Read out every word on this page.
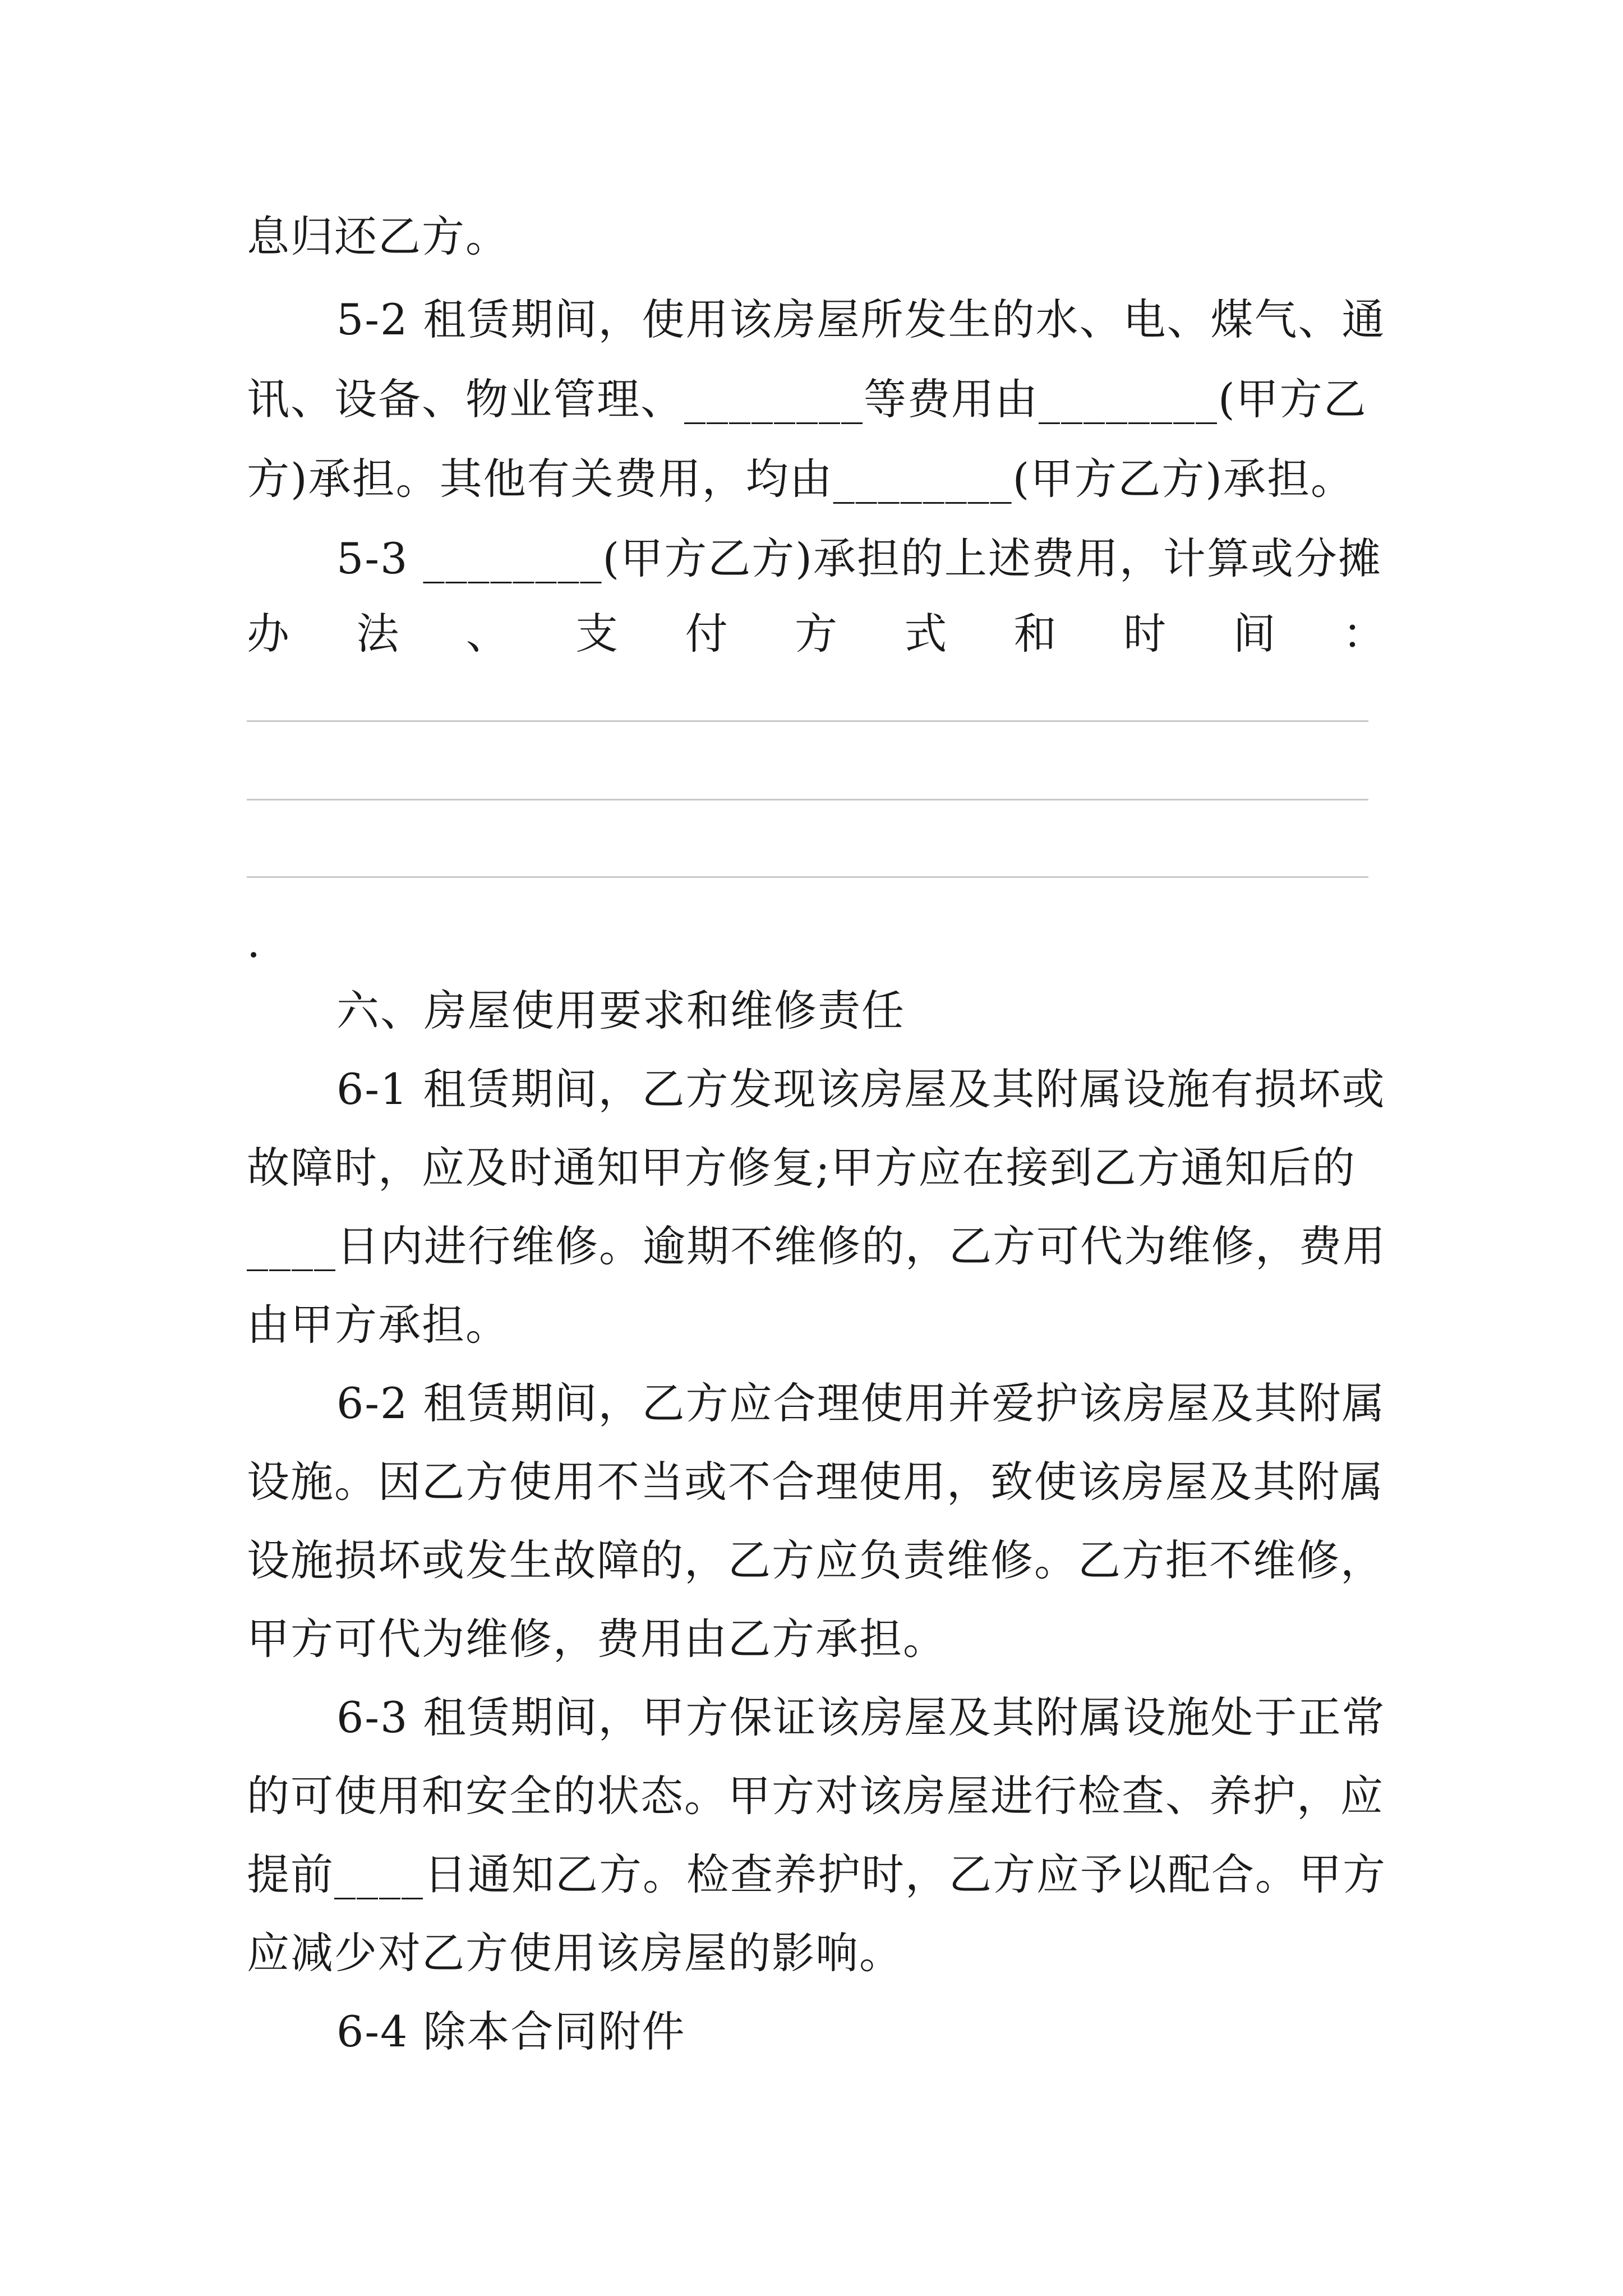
息归还乙方。
5-2 租赁期间，使用该房屋所发生的水、电、煤气、通
讯、设备、物业管理、________等费用由________(甲方乙
方)承担。其他有关费用，均由________(甲方乙方)承担。
5-3 ________(甲方乙方)承担的上述费用，计算或分摊
办 法 、 支 付 方 式 和 时 间 ：
.
六、房屋使用要求和维修责任
6-1 租赁期间，乙方发现该房屋及其附属设施有损坏或
故障时，应及时通知甲方修复;甲方应在接到乙方通知后的
____日内进行维修。逾期不维修的，乙方可代为维修，费用
由甲方承担。
6-2 租赁期间，乙方应合理使用并爱护该房屋及其附属
设施。因乙方使用不当或不合理使用，致使该房屋及其附属
设施损坏或发生故障的，乙方应负责维修。乙方拒不维修，
甲方可代为维修，费用由乙方承担。
6-3 租赁期间，甲方保证该房屋及其附属设施处于正常
的可使用和安全的状态。甲方对该房屋进行检查、养护，应
提前____日通知乙方。检查养护时，乙方应予以配合。甲方
应减少对乙方使用该房屋的影响。
6-4 除本合同附件
